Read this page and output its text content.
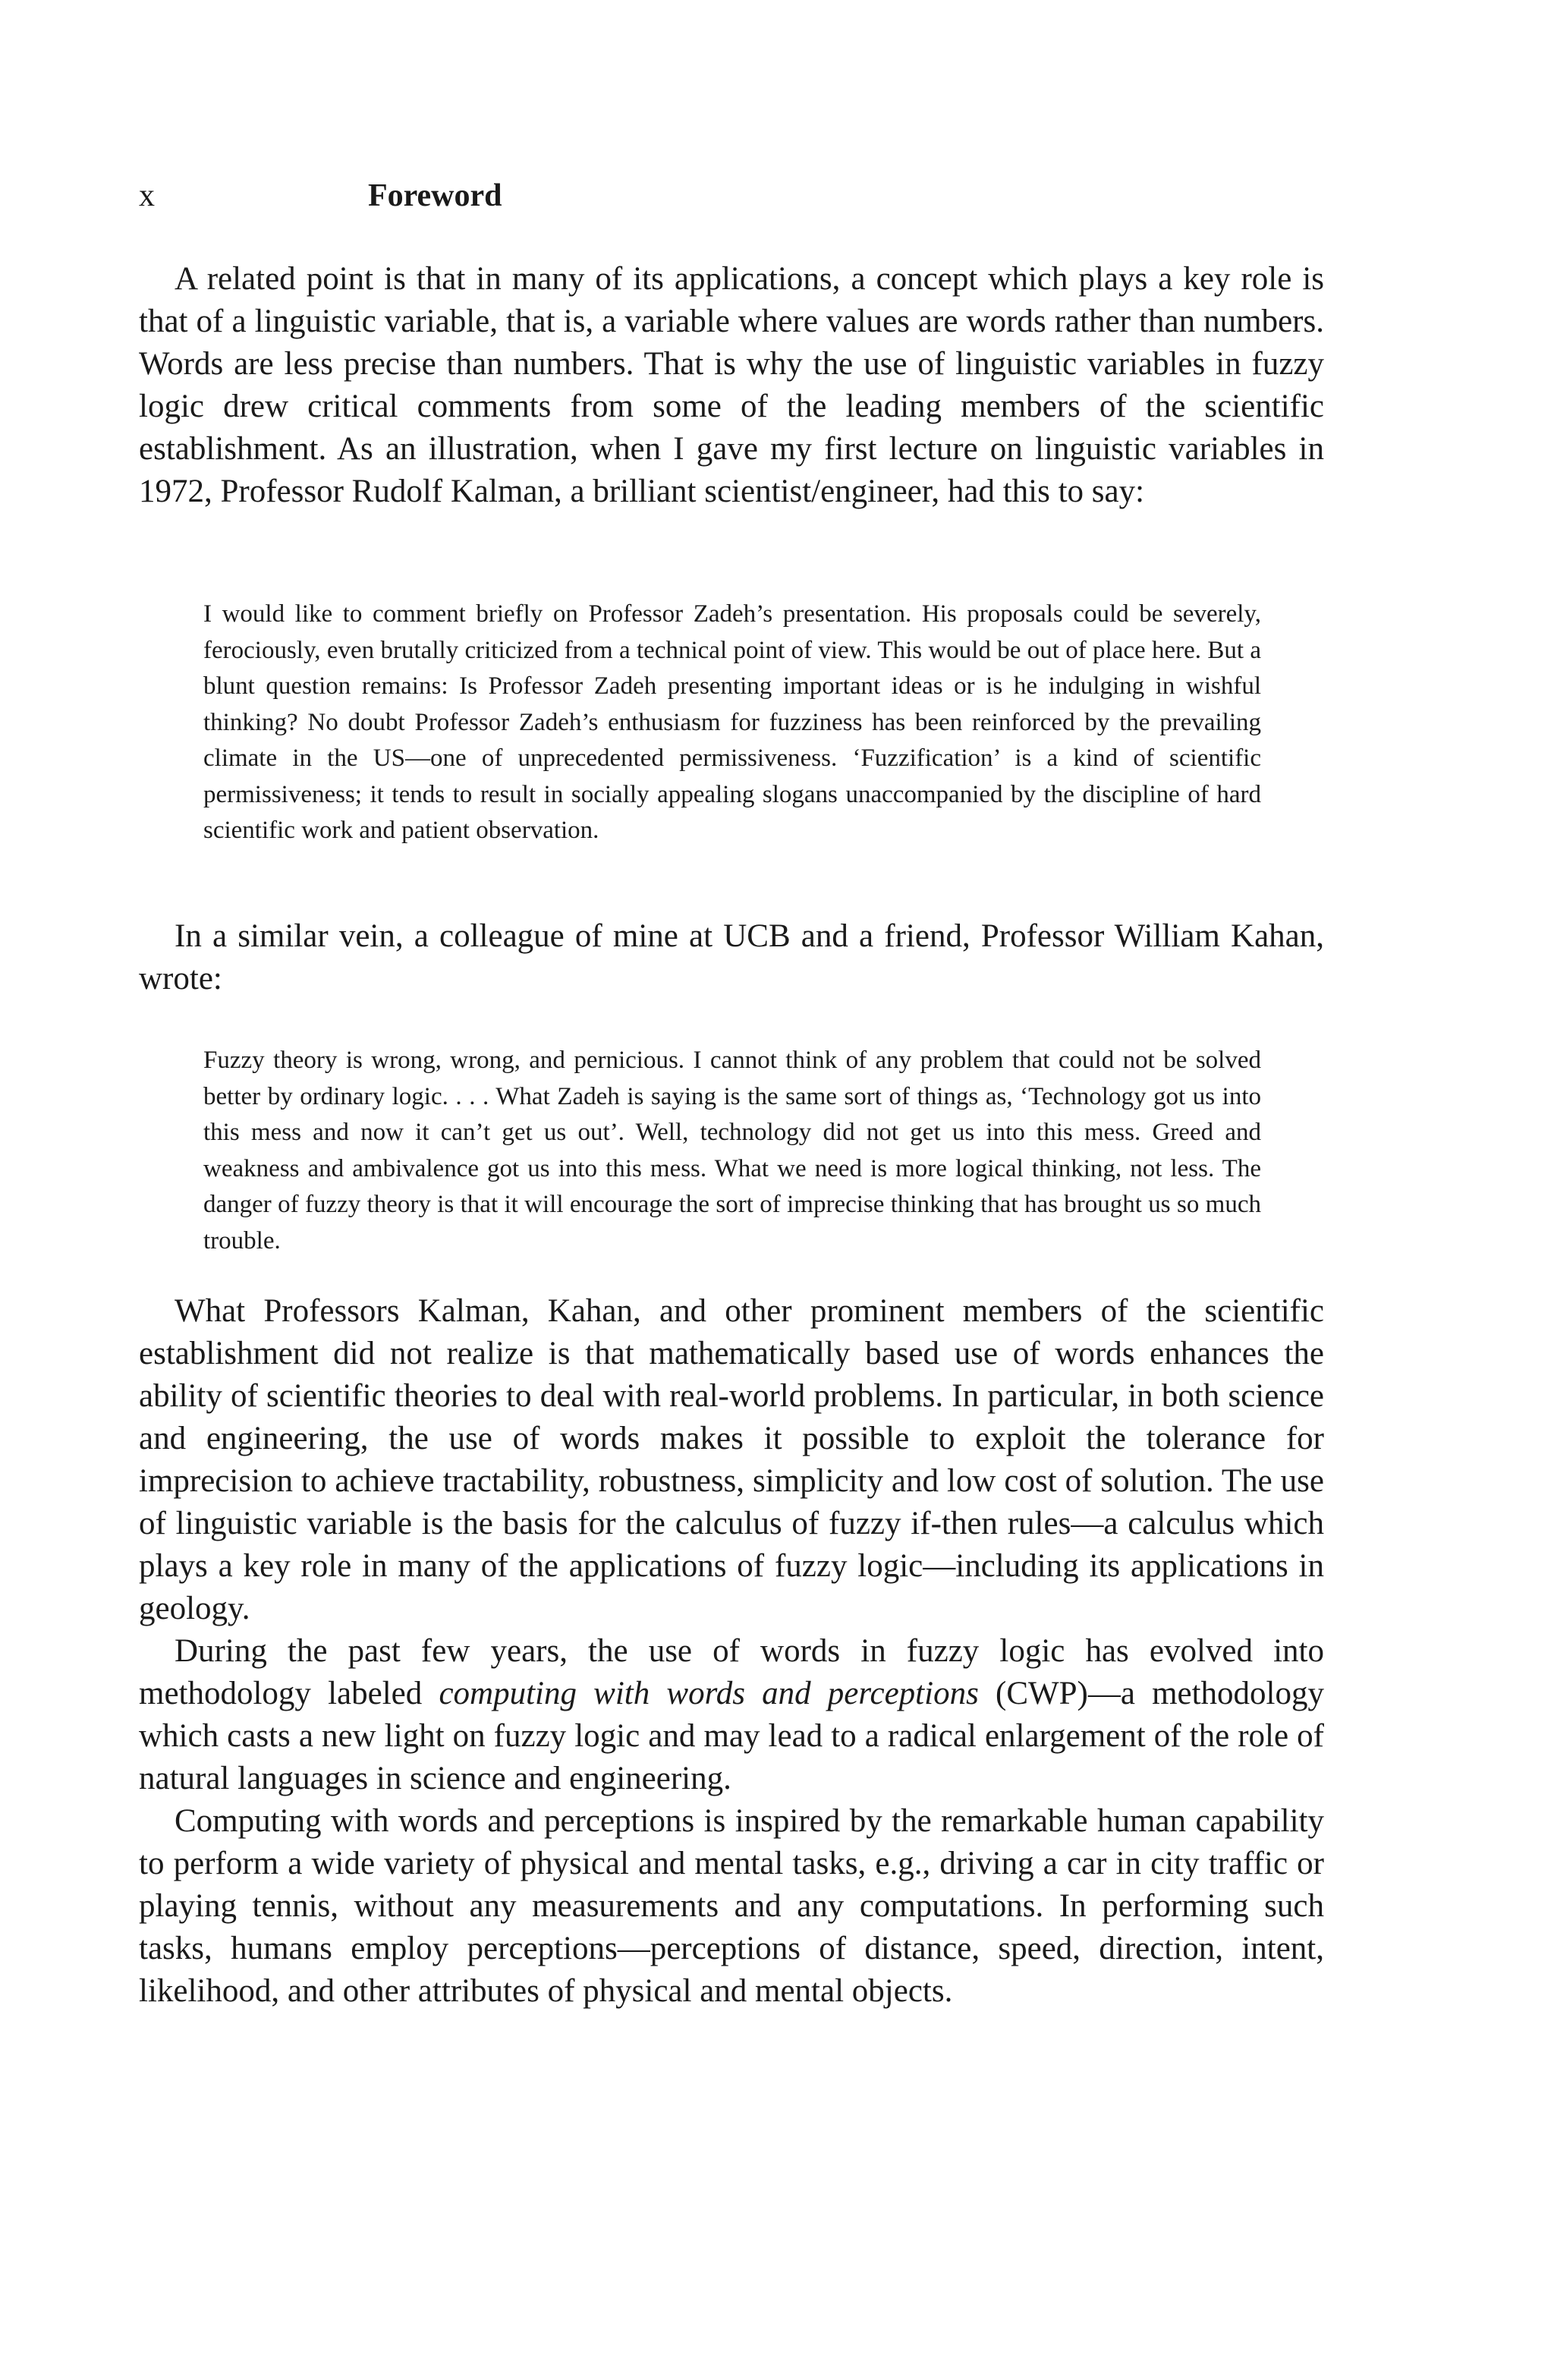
x	Foreword

A related point is that in many of its applications, a concept which plays a key role is that of a linguistic variable, that is, a variable where values are words rather than numbers. Words are less precise than numbers. That is why the use of linguistic variables in fuzzy logic drew critical comments from some of the leading members of the scientific establishment. As an illustration, when I gave my first lecture on linguistic variables in 1972, Professor Rudolf Kalman, a brilliant scientist/engineer, had this to say:

I would like to comment briefly on Professor Zadeh’s presentation. His proposals could be severely, ferociously, even brutally criticized from a technical point of view. This would be out of place here. But a blunt question remains: Is Professor Zadeh presenting important ideas or is he indulging in wishful thinking? No doubt Professor Zadeh’s enthusiasm for fuzziness has been reinforced by the prevailing climate in the US—one of unprecedented permissiveness. ‘Fuzzification’ is a kind of scientific permissiveness; it tends to result in socially appealing slogans unaccompanied by the discipline of hard scientific work and patient observation.

In a similar vein, a colleague of mine at UCB and a friend, Professor William Kahan, wrote:

Fuzzy theory is wrong, wrong, and pernicious. I cannot think of any problem that could not be solved better by ordinary logic. . . . What Zadeh is saying is the same sort of things as, ‘Technology got us into this mess and now it can’t get us out’. Well, technology did not get us into this mess. Greed and weakness and ambivalence got us into this mess. What we need is more logical thinking, not less. The danger of fuzzy theory is that it will encourage the sort of imprecise thinking that has brought us so much trouble.

What Professors Kalman, Kahan, and other prominent members of the scientific establishment did not realize is that mathematically based use of words enhances the ability of scientific theories to deal with real-world problems. In particular, in both science and engineering, the use of words makes it possible to exploit the tolerance for imprecision to achieve tractability, robustness, simplicity and low cost of solution. The use of linguistic variable is the basis for the calculus of fuzzy if-then rules—a calculus which plays a key role in many of the applications of fuzzy logic—including its applications in geology.

During the past few years, the use of words in fuzzy logic has evolved into methodology labeled computing with words and perceptions (CWP)—a methodology which casts a new light on fuzzy logic and may lead to a radical enlargement of the role of natural languages in science and engineering.

Computing with words and perceptions is inspired by the remarkable human capability to perform a wide variety of physical and mental tasks, e.g., driving a car in city traffic or playing tennis, without any measurements and any computations. In performing such tasks, humans employ perceptions—perceptions of distance, speed, direction, intent, likelihood, and other attributes of physical and mental objects.
